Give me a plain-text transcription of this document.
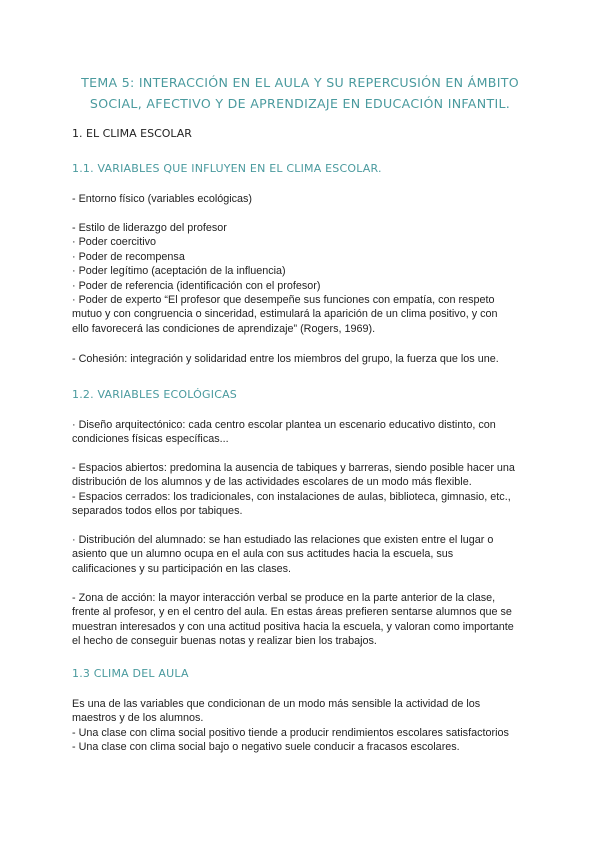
TEMA 5: INTERACCIÓN EN EL AULA Y SU REPERCUSIÓN EN ÁMBITO
SOCIAL, AFECTIVO Y DE APRENDIZAJE EN EDUCACIÓN INFANTIL.
1. EL CLIMA ESCOLAR
1.1. VARIABLES QUE INFLUYEN EN EL CLIMA ESCOLAR.

- Entorno físico (variables ecológicas)

- Estilo de liderazgo del profesor
· Poder coercitivo
· Poder de recompensa
· Poder legítimo (aceptación de la influencia)
· Poder de referencia (identificación con el profesor)
· Poder de experto “El profesor que desempeñe sus funciones con empatía, con respeto
mutuo y con congruencia o sinceridad, estimulará la aparición de un clima positivo, y con
ello favorecerá las condiciones de aprendizaje” (Rogers, 1969).

- Cohesión: integración y solidaridad entre los miembros del grupo, la fuerza que los une.

1.2. VARIABLES ECOLÓGICAS

· Diseño arquitectónico: cada centro escolar plantea un escenario educativo distinto, con
condiciones físicas específicas...

- Espacios abiertos: predomina la ausencia de tabiques y barreras, siendo posible hacer una
distribución de los alumnos y de las actividades escolares de un modo más flexible.
- Espacios cerrados: los tradicionales, con instalaciones de aulas, biblioteca, gimnasio, etc.,
separados todos ellos por tabiques.

· Distribución del alumnado: se han estudiado las relaciones que existen entre el lugar o
asiento que un alumno ocupa en el aula con sus actitudes hacia la escuela, sus
calificaciones y su participación en las clases.

- Zona de acción: la mayor interacción verbal se produce en la parte anterior de la clase,
frente al profesor, y en el centro del aula. En estas áreas prefieren sentarse alumnos que se
muestran interesados y con una actitud positiva hacia la escuela, y valoran como importante
el hecho de conseguir buenas notas y realizar bien los trabajos.

1.3 CLIMA DEL AULA

Es una de las variables que condicionan de un modo más sensible la actividad de los
maestros y de los alumnos.
- Una clase con clima social positivo tiende a producir rendimientos escolares satisfactorios
- Una clase con clima social bajo o negativo suele conducir a fracasos escolares.
